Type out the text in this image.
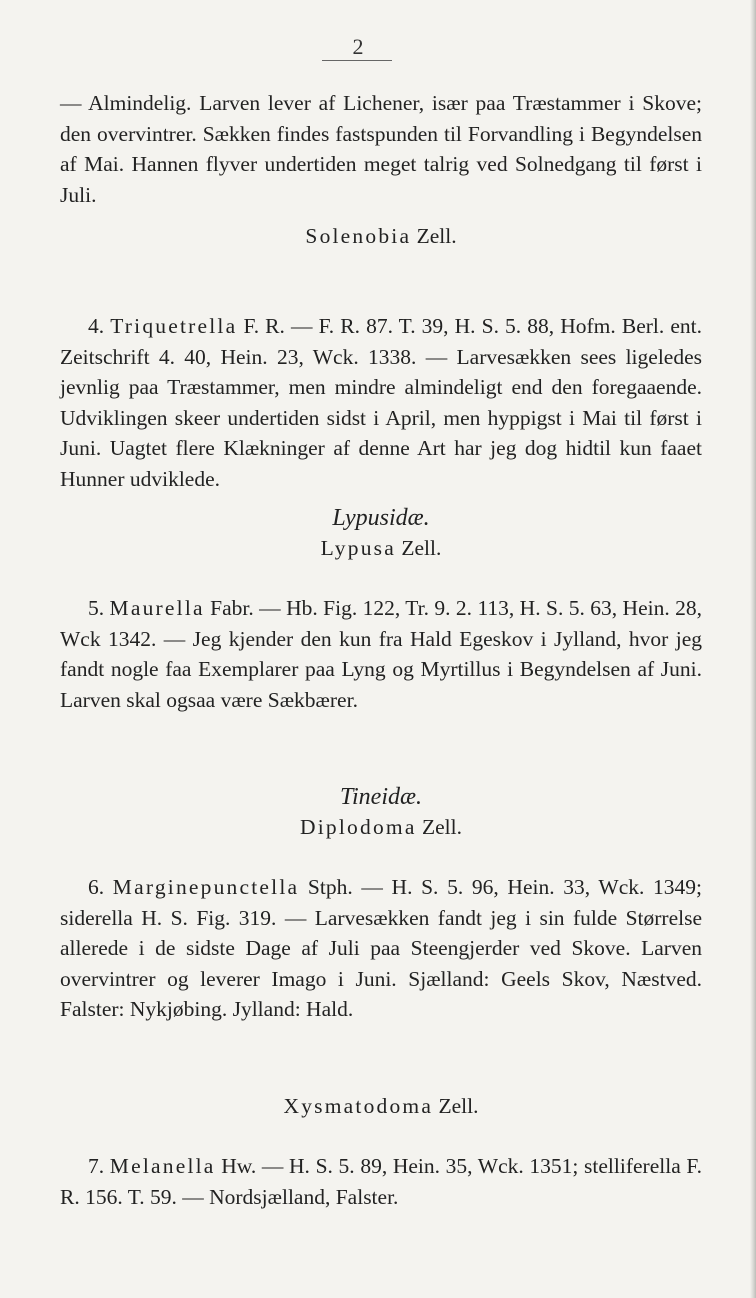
2

— Almindelig. Larven lever af Lichener, især paa Træstammer i Skove; den overvintrer. Sækken findes fastspunden til Forvandling i Begyndelsen af Mai. Hannen flyver undertiden meget talrig ved Solnedgang til først i Juli.

Solenobia Zell.

4. Triquetrella F. R. — F. R. 87. T. 39, H. S. 5. 88, Hofm. Berl. ent. Zeitschrift 4. 40, Hein. 23, Wck. 1338. — Larvesækken sees ligeledes jevnlig paa Træstammer, men mindre almindeligt end den foregaaende. Udviklingen skeer undertiden sidst i April, men hyppigst i Mai til først i Juni. Uagtet flere Klækninger af denne Art har jeg dog hidtil kun faaet Hunner udviklede.

Lypusidæ.
Lypusa Zell.

5. Maurella Fabr. — Hb. Fig. 122, Tr. 9. 2. 113, H. S. 5. 63, Hein. 28, Wck 1342. — Jeg kjender den kun fra Hald Egeskov i Jylland, hvor jeg fandt nogle faa Exemplarer paa Lyng og Myrtillus i Begyndelsen af Juni. Larven skal ogsaa være Sækbærer.

Tineidæ.
Diplodoma Zell.

6. Marginepunctella Stph. — H. S. 5. 96, Hein. 33, Wck. 1349; siderella H. S. Fig. 319. — Larvesækken fandt jeg i sin fulde Størrelse allerede i de sidste Dage af Juli paa Steengjerder ved Skove. Larven overvintrer og leverer Imago i Juni. Sjælland: Geels Skov, Næstved. Falster: Nykjøbing. Jylland: Hald.

Xysmatodoma Zell.

7. Melanella Hw. — H. S. 5. 89, Hein. 35, Wck. 1351; stelliferella F. R. 156. T. 59. — Nordsjælland, Falster.
